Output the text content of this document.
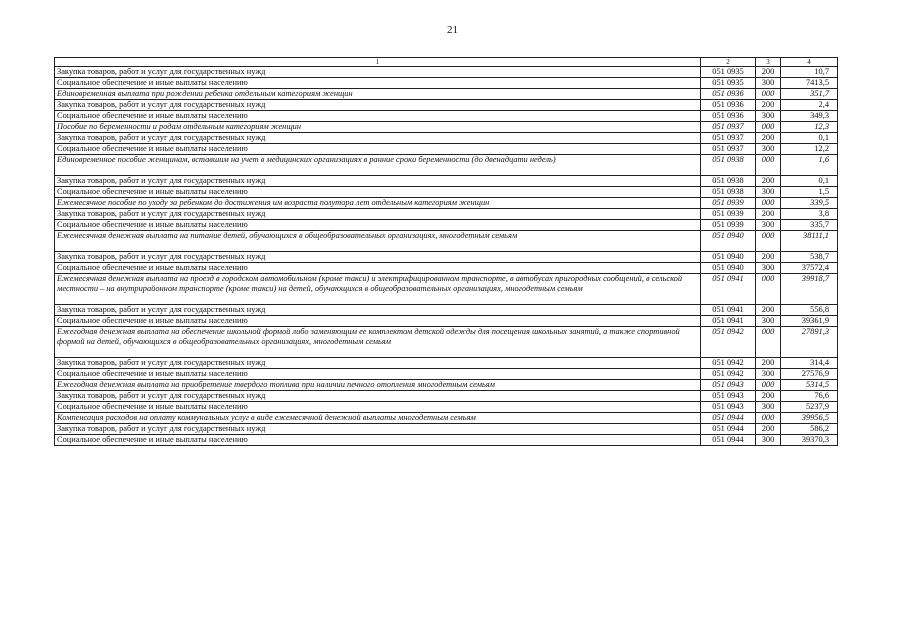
21
1	2	3	4
Закупка товаров, работ и услуг для государственных нужд	051 0935	200	10,7
Социальное обеспечение и иные выплаты населению	051 0935	300	7413,5
Единовременная выплата при рождении ребенка отдельным категориям женщин	051 0936	000	351,7
Закупка товаров, работ и услуг для государственных нужд	051 0936	200	2,4
Социальное обеспечение и иные выплаты населению	051 0936	300	349,3
Пособие по беременности и родам отдельным категориям женщин	051 0937	000	12,3
Закупка товаров, работ и услуг для государственных нужд	051 0937	200	0,1
Социальное обеспечение и иные выплаты населению	051 0937	300	12,2
Единовременное пособие женщинам, вставшим на учет в медицинских организациях в ранние сроки беременности (до двенадцати недель)	051 0938	000	1,6
Закупка товаров, работ и услуг для государственных нужд	051 0938	200	0,1
Социальное обеспечение и иные выплаты населению	051 0938	300	1,5
Ежемесячное пособие по уходу за ребенком до достижения им возраста полутора лет отдельным категориям женщин	051 0939	000	339,5
Закупка товаров, работ и услуг для государственных нужд	051 0939	200	3,8
Социальное обеспечение и иные выплаты населению	051 0939	300	335,7
Ежемесячная денежная выплата на питание детей, обучающихся в общеобразовательных организациях, многодетным семьям	051 0940	000	38111,1
Закупка товаров, работ и услуг для государственных нужд	051 0940	200	538,7
Социальное обеспечение и иные выплаты населению	051 0940	300	37572,4
Ежемесячная денежная выплата на проезд в городском автомобильном (кроме такси) и электрифицированном транспорте, в автобусах пригородных сообщений, в сельской местности – на внутрирайонном транспорте (кроме такси) на детей, обучающихся в общеобразовательных организациях, многодетным семьям	051 0941	000	39918,7
Закупка товаров, работ и услуг для государственных нужд	051 0941	200	556,8
Социальное обеспечение и иные выплаты населению	051 0941	300	39361,9
Ежегодная денежная выплата на обеспечение школьной формой либо заменяющим ее комплектом детской одежды для посещения школьных занятий, а также спортивной формой на детей, обучающихся в общеобразовательных организациях, многодетным семьям	051 0942	000	27891,3
Закупка товаров, работ и услуг для государственных нужд	051 0942	200	314,4
Социальное обеспечение и иные выплаты населению	051 0942	300	27576,9
Ежегодная денежная выплата на приобретение твердого топлива при наличии печного отопления многодетным семьям	051 0943	000	5314,5
Закупка товаров, работ и услуг для государственных нужд	051 0943	200	76,6
Социальное обеспечение и иные выплаты населению	051 0943	300	5237,9
Компенсация расходов на оплату коммунальных услуг в виде ежемесячной денежной выплаты многодетным семьям	051 0944	000	39956,5
Закупка товаров, работ и услуг для государственных нужд	051 0944	200	586,2
Социальное обеспечение и иные выплаты населению	051 0944	300	39370,3
